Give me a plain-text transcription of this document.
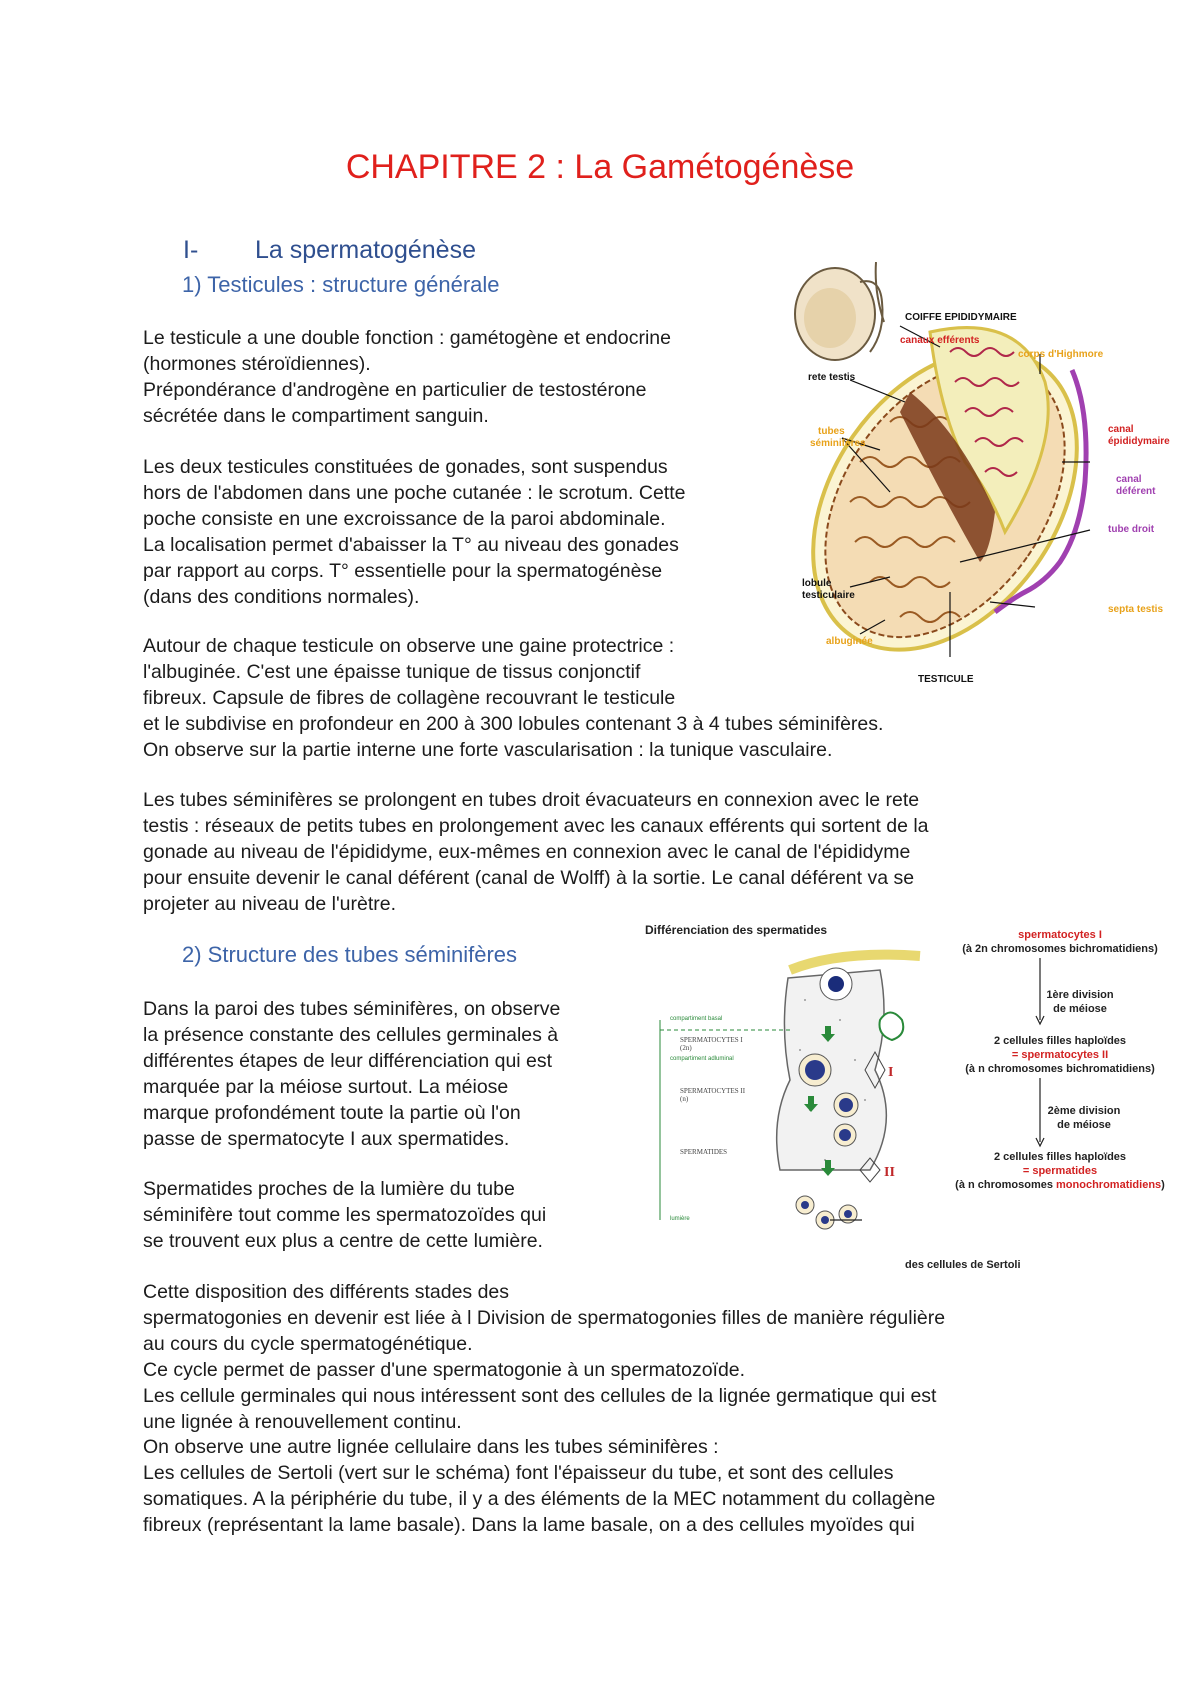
CHAPITRE 2 : La Gamétogénèse
I- La spermatogénèse
1) Testicules : structure générale
2) Structure des tubes séminifères
Le testicule a une double fonction : gamétogène et endocrine
(hormones stéroïdiennes).
Prépondérance d'androgène en particulier de testostérone
sécrétée dans le compartiment sanguin.
Les deux testicules constituées de gonades, sont suspendus
hors de l'abdomen dans une poche cutanée : le scrotum. Cette
poche consiste en une excroissance de la paroi abdominale.
La localisation permet d'abaisser la T° au niveau des gonades
par rapport au corps. T° essentielle pour la spermatogénèse
(dans des conditions normales).
Autour de chaque testicule on observe une gaine protectrice :
l'albuginée. C'est une épaisse tunique de tissus conjonctif
fibreux. Capsule de fibres de collagène recouvrant le testicule
et le subdivise en profondeur en 200 à 300 lobules contenant 3 à 4 tubes séminifères.
On observe sur la partie interne une forte vascularisation : la tunique vasculaire.
Les tubes séminifères se prolongent en tubes droit évacuateurs en connexion avec le rete
testis : réseaux de petits tubes en prolongement avec les canaux efférents qui sortent de la
gonade au niveau de l'épididyme, eux-mêmes en connexion avec le canal de l'épididyme
pour ensuite devenir le canal déférent (canal de Wolff) à la sortie. Le canal déférent va se
projeter au niveau de l'urètre.
Dans la paroi des tubes séminifères, on observe
la présence constante des cellules germinales à
différentes étapes de leur différenciation qui est
marquée par la méiose surtout. La méiose
marque profondément toute la partie où l'on
passe de spermatocyte I aux spermatides.
Spermatides proches de la lumière du tube
séminifère tout comme les spermatozoïdes qui
se trouvent eux plus a centre de cette lumière.
Cette disposition des différents stades des
spermatogonies en devenir est liée à l Division de spermatogonies filles de manière régulière
au cours du cycle spermatogénétique.
Ce cycle permet de passer d'une spermatogonie à un spermatozoïde.
Les cellule germinales qui nous intéressent sont des cellules de la lignée germatique qui est
une lignée à renouvellement continu.
On observe une autre lignée cellulaire dans les tubes séminifères :
Les cellules de Sertoli (vert sur le schéma) font l'épaisseur du tube, et sont des cellules
somatiques. A la périphérie du tube, il y a des éléments de la MEC notamment du collagène
fibreux (représentant la lame basale). Dans la lame basale, on a des cellules myoïdes qui
canaux efférents
COIFFE EPIDIDYMAIRE
corps d'Highmore
rete testis
canal
épididymaire
tubes
séminifères
canal
déférent
tube droit
lobule
testiculaire
septa testis
albuginée
TESTICULE
Différenciation des spermatides
I
II
compartiment basal
compartiment adluminal
lumière
SPERMATOCYTES I
(2n)
SPERMATOCYTES II
(n)
SPERMATIDES
spermatocytes I
(à 2n chromosomes bichromatidiens)
1ère division
de méiose
2 cellules filles haploïdes
= spermatocytes II
(à n chromosomes bichromatidiens)
2ème division
de méiose
2 cellules filles haploïdes
= spermatides
(à n chromosomes monochromatidiens)
des cellules de Sertoli
